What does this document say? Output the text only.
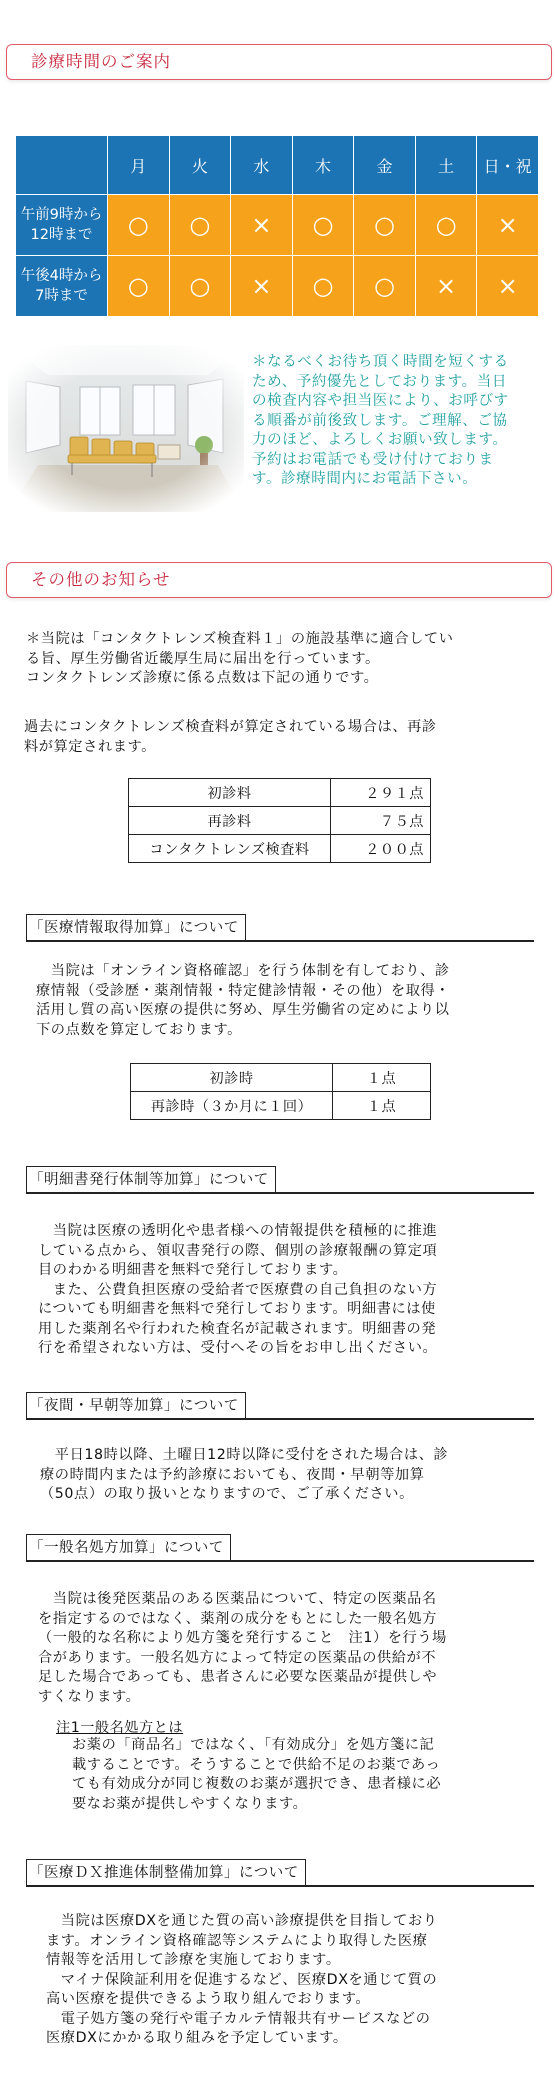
診療時間のご案内
	月	火	水	木	金	土	日・祝

午前9時から
12時まで	○	○	×	○	○	○	×

午後4時から
7時まで	○	○	×	○	○	×	×
＊なるべくお待ち頂く時間を短くする
ため、予約優先としております。当日
の検査内容や担当医により、お呼びす
る順番が前後致します。ご理解、ご協
力のほど、よろしくお願い致します。
予約はお電話でも受け付けておりま
す。診療時間内にお電話下さい。
その他のお知らせ
＊当院は「コンタクトレンズ検査料１」の施設基準に適合してい
る旨、厚生労働省近畿厚生局に届出を行っています。
コンタクトレンズ診療に係る点数は下記の通りです。
過去にコンタクトレンズ検査料が算定されている場合は、再診
料が算定されます。
初診料	２９１点
再診料	７５点
コンタクトレンズ検査料	２００点
「医療情報取得加算」について
　当院は「オンライン資格確認」を行う体制を有しており、診
療情報（受診歴・薬剤情報・特定健診情報・その他）を取得・
活用し質の高い医療の提供に努め、厚生労働省の定めにより以
下の点数を算定しております。
初診時	１点
再診時（３か月に１回）	１点
「明細書発行体制等加算」について
　当院は医療の透明化や患者様への情報提供を積極的に推進
している点から、領収書発行の際、個別の診療報酬の算定項
目のわかる明細書を無料で発行しております。
　また、公費負担医療の受給者で医療費の自己負担のない方
についても明細書を無料で発行しております。明細書には使
用した薬剤名や行われた検査名が記載されます。明細書の発
行を希望されない方は、受付へその旨をお申し出ください。
「夜間・早朝等加算」について
　平日18時以降、土曜日12時以降に受付をされた場合は、診
療の時間内または予約診療においても、夜間・早朝等加算
（50点）の取り扱いとなりますので、ご了承ください。
「一般名処方加算」について
　当院は後発医薬品のある医薬品について、特定の医薬品名
を指定するのではなく、薬剤の成分をもとにした一般名処方
（一般的な名称により処方箋を発行すること　注1）を行う場
合があります。一般名処方によって特定の医薬品の供給が不
足した場合であっても、患者さんに必要な医薬品が提供しや
すくなります。
注1一般名処方とは
お薬の「商品名」ではなく、「有効成分」を処方箋に記
載することです。そうすることで供給不足のお薬であっ
ても有効成分が同じ複数のお薬が選択でき、患者様に必
要なお薬が提供しやすくなります。
「医療ＤＸ推進体制整備加算」について
　当院は医療DXを通じた質の高い診療提供を目指しており
ます。オンライン資格確認等システムにより取得した医療
情報等を活用して診療を実施しております。
　マイナ保険証利用を促進するなど、医療DXを通じて質の
高い医療を提供できるよう取り組んでおります。
　電子処方箋の発行や電子カルテ情報共有サービスなどの
医療DXにかかる取り組みを予定しています。
